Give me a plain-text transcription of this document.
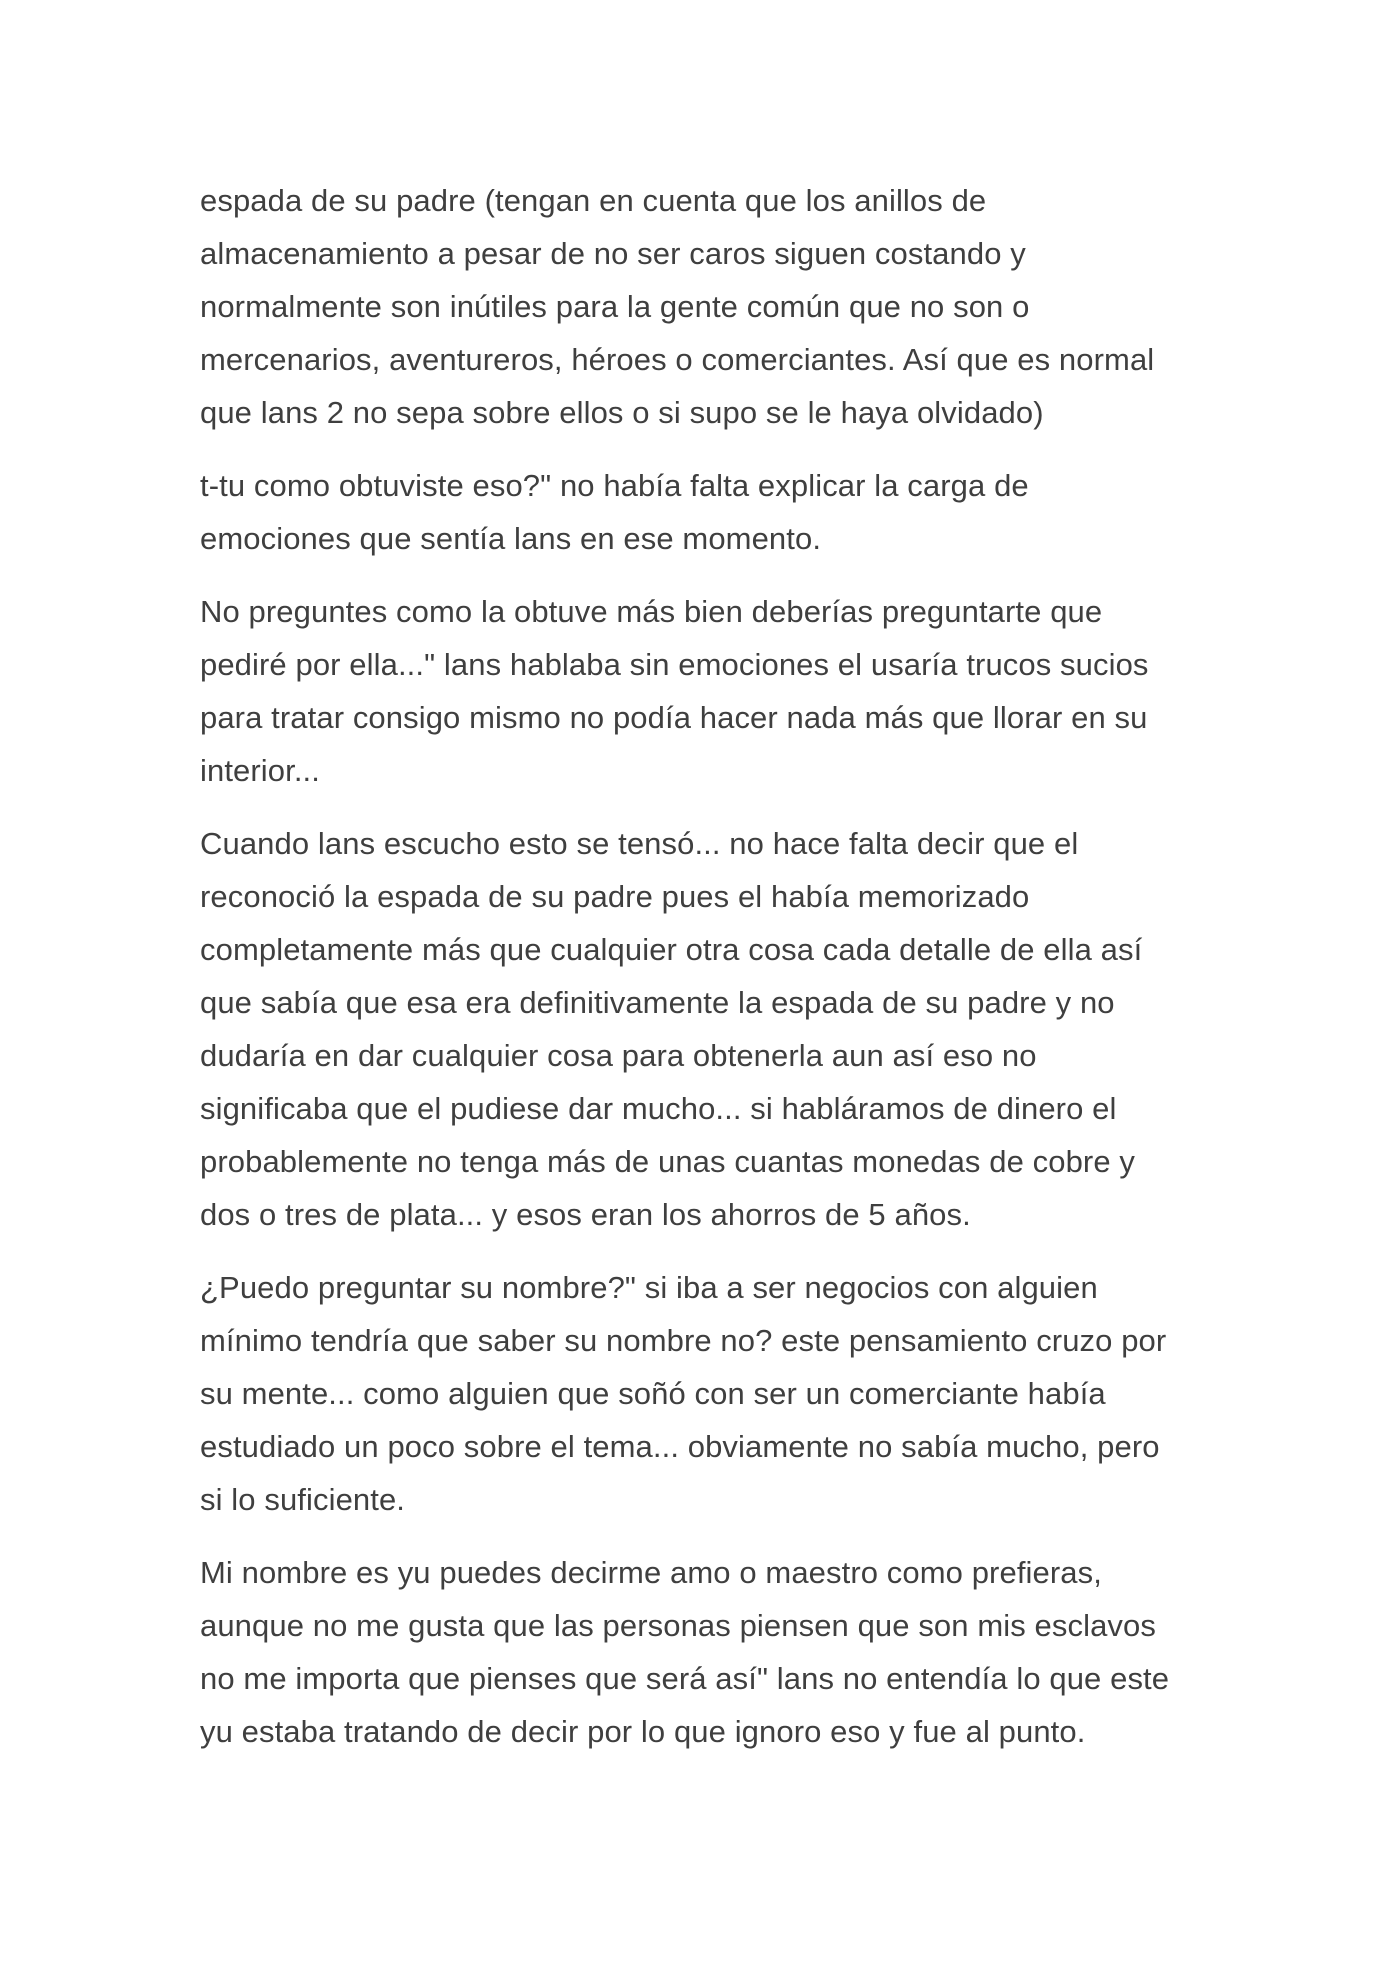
espada de su padre (tengan en cuenta que los anillos de
almacenamiento a pesar de no ser caros siguen costando y
normalmente son inútiles para la gente común que no son o
mercenarios, aventureros, héroes o comerciantes. Así que es normal
que lans 2 no sepa sobre ellos o si supo se le haya olvidado)

t-tu como obtuviste eso?" no había falta explicar la carga de
emociones que sentía lans en ese momento.

No preguntes como la obtuve más bien deberías preguntarte que
pediré por ella..." lans hablaba sin emociones el usaría trucos sucios
para tratar consigo mismo no podía hacer nada más que llorar en su
interior...

Cuando lans escucho esto se tensó... no hace falta decir que el
reconoció la espada de su padre pues el había memorizado
completamente más que cualquier otra cosa cada detalle de ella así
que sabía que esa era definitivamente la espada de su padre y no
dudaría en dar cualquier cosa para obtenerla aun así eso no
significaba que el pudiese dar mucho... si habláramos de dinero el
probablemente no tenga más de unas cuantas monedas de cobre y
dos o tres de plata... y esos eran los ahorros de 5 años.

¿Puedo preguntar su nombre?" si iba a ser negocios con alguien
mínimo tendría que saber su nombre no? este pensamiento cruzo por
su mente... como alguien que soñó con ser un comerciante había
estudiado un poco sobre el tema... obviamente no sabía mucho, pero
si lo suficiente.

Mi nombre es yu puedes decirme amo o maestro como prefieras,
aunque no me gusta que las personas piensen que son mis esclavos
no me importa que pienses que será así" lans no entendía lo que este
yu estaba tratando de decir por lo que ignoro eso y fue al punto.
